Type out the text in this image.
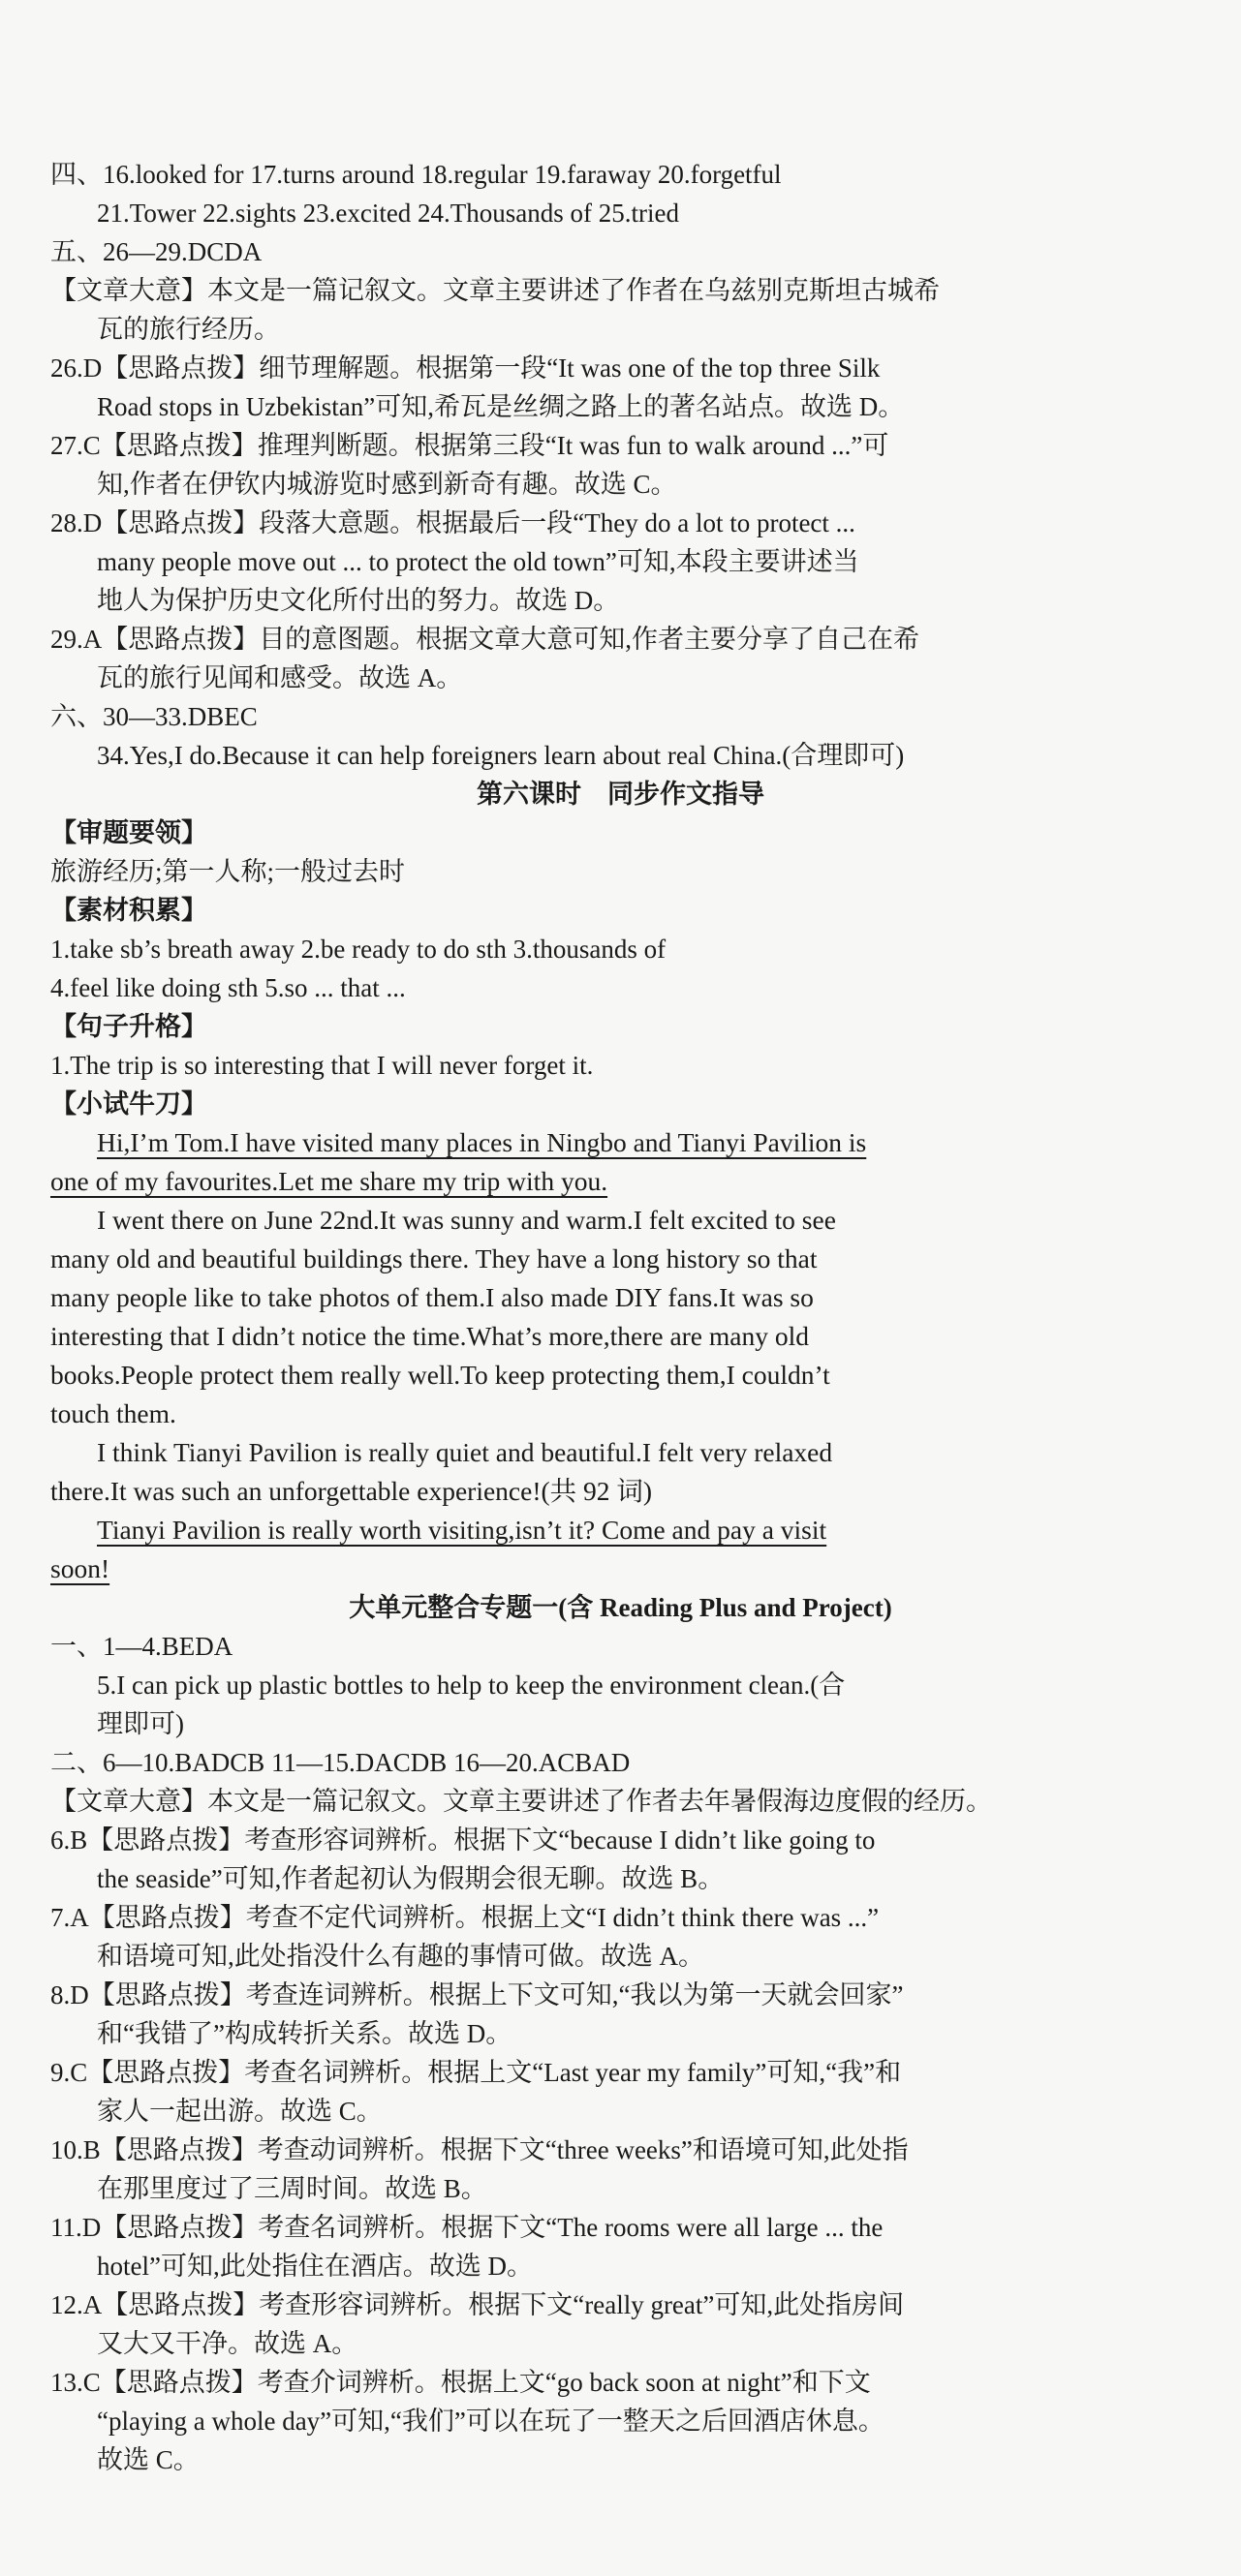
四、16.looked for 17.turns around 18.regular 19.faraway 20.forgetful
21.Tower 22.sights 23.excited 24.Thousands of 25.tried
五、26—29.DCDA
【文章大意】本文是一篇记叙文。文章主要讲述了作者在乌兹别克斯坦古城希
瓦的旅行经历。
26.D【思路点拨】细节理解题。根据第一段“It was one of the top three Silk
Road stops in Uzbekistan”可知,希瓦是丝绸之路上的著名站点。故选 D。
27.C【思路点拨】推理判断题。根据第三段“It was fun to walk around ...”可
知,作者在伊钦内城游览时感到新奇有趣。故选 C。
28.D【思路点拨】段落大意题。根据最后一段“They do a lot to protect ...
many people move out ... to protect the old town”可知,本段主要讲述当
地人为保护历史文化所付出的努力。故选 D。
29.A【思路点拨】目的意图题。根据文章大意可知,作者主要分享了自己在希
瓦的旅行见闻和感受。故选 A。
六、30—33.DBEC
34.Yes,I do.Because it can help foreigners learn about real China.(合理即可)
第六课时　同步作文指导
【审题要领】
旅游经历;第一人称;一般过去时
【素材积累】
1.take sb’s breath away 2.be ready to do sth 3.thousands of
4.feel like doing sth 5.so ... that ...
【句子升格】
1.The trip is so interesting that I will never forget it.
【小试牛刀】
Hi,I’m Tom.I have visited many places in Ningbo and Tianyi Pavilion is
one of my favourites.Let me share my trip with you.
I went there on June 22nd.It was sunny and warm.I felt excited to see
many old and beautiful buildings there. They have a long history so that
many people like to take photos of them.I also made DIY fans.It was so
interesting that I didn’t notice the time.What’s more,there are many old
books.People protect them really well.To keep protecting them,I couldn’t
touch them.
I think Tianyi Pavilion is really quiet and beautiful.I felt very relaxed
there.It was such an unforgettable experience!(共 92 词)
Tianyi Pavilion is really worth visiting,isn’t it? Come and pay a visit
soon!
大单元整合专题一(含 Reading Plus and Project)
一、1—4.BEDA
5.I can pick up plastic bottles to help to keep the environment clean.(合
理即可)
二、6—10.BADCB 11—15.DACDB 16—20.ACBAD
【文章大意】本文是一篇记叙文。文章主要讲述了作者去年暑假海边度假的经历。
6.B【思路点拨】考查形容词辨析。根据下文“because I didn’t like going to
the seaside”可知,作者起初认为假期会很无聊。故选 B。
7.A【思路点拨】考查不定代词辨析。根据上文“I didn’t think there was ...”
和语境可知,此处指没什么有趣的事情可做。故选 A。
8.D【思路点拨】考查连词辨析。根据上下文可知,“我以为第一天就会回家”
和“我错了”构成转折关系。故选 D。
9.C【思路点拨】考查名词辨析。根据上文“Last year my family”可知,“我”和
家人一起出游。故选 C。
10.B【思路点拨】考查动词辨析。根据下文“three weeks”和语境可知,此处指
在那里度过了三周时间。故选 B。
11.D【思路点拨】考查名词辨析。根据下文“The rooms were all large ... the
hotel”可知,此处指住在酒店。故选 D。
12.A【思路点拨】考查形容词辨析。根据下文“really great”可知,此处指房间
又大又干净。故选 A。
13.C【思路点拨】考查介词辨析。根据上文“go back soon at night”和下文
“playing a whole day”可知,“我们”可以在玩了一整天之后回酒店休息。
故选 C。
